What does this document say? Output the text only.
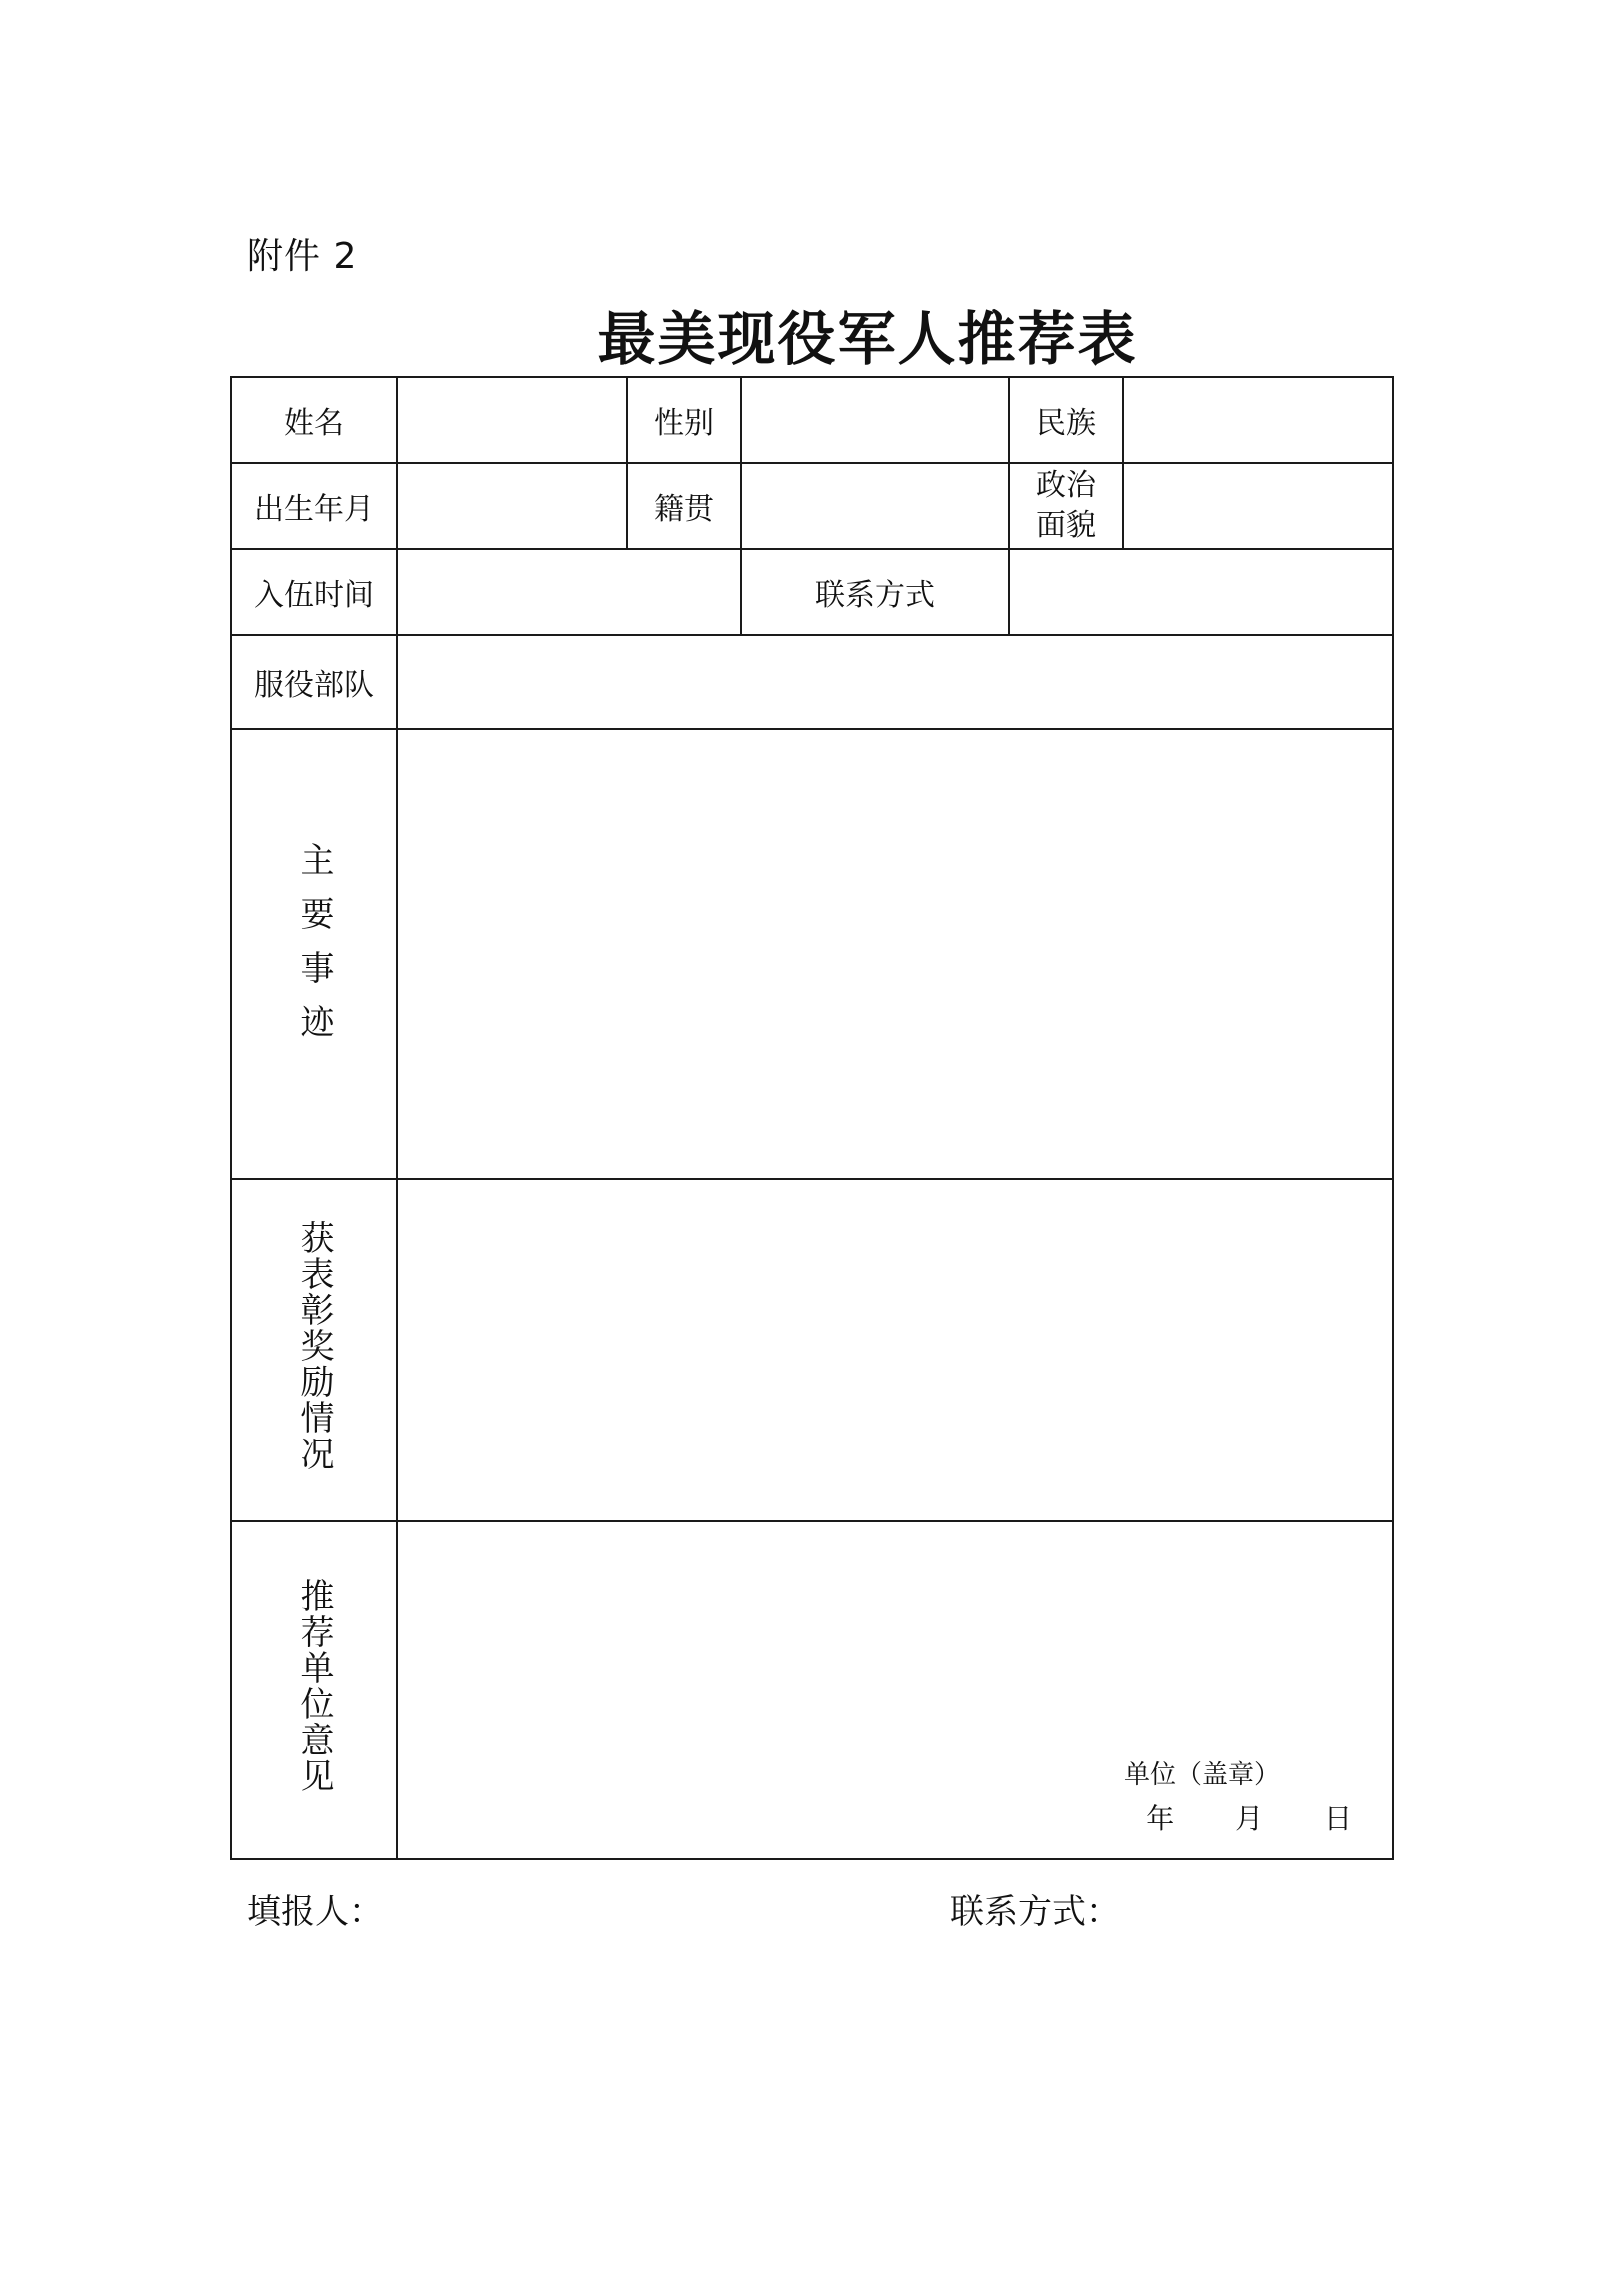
附件 2
最美现役军人推荐表
姓名		性别		民族	
出生年月		籍贯		政治
面貌	

入伍时间			联系方式		
服役部队					
主要事迹					
获表彰奖励情况					
推荐单位意见	单位（盖章）
年 月 日				
填报人：	联系方式：
